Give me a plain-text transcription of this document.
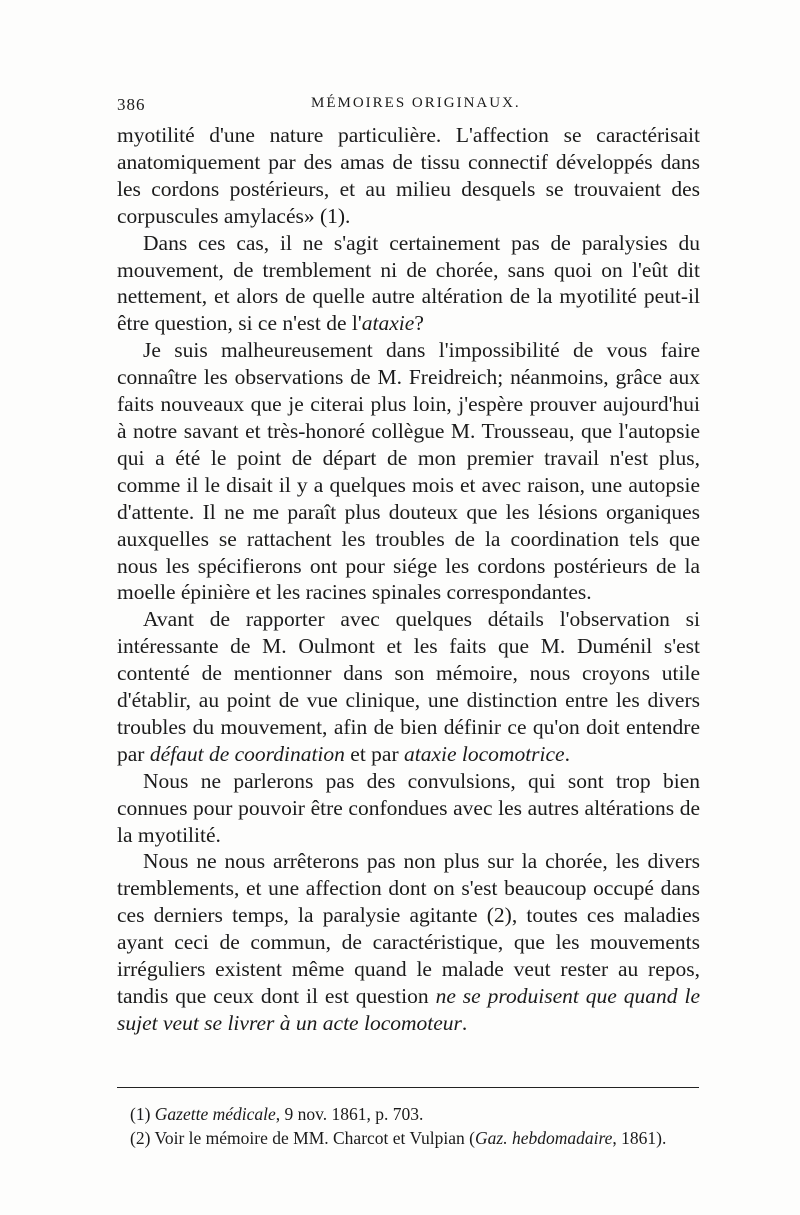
386	MÉMOIRES ORIGINAUX.

myotilité d'une nature particulière. L'affection se caractérisait anatomiquement par des amas de tissu connectif développés dans les cordons postérieurs, et au milieu desquels se trouvaient des corpuscules amylacés» (1).

Dans ces cas, il ne s'agit certainement pas de paralysies du mouvement, de tremblement ni de chorée, sans quoi on l'eût dit nettement, et alors de quelle autre altération de la myotilité peut-il être question, si ce n'est de l'ataxie?

Je suis malheureusement dans l'impossibilité de vous faire connaître les observations de M. Freidreich; néanmoins, grâce aux faits nouveaux que je citerai plus loin, j'espère prouver aujourd'hui à notre savant et très-honoré collègue M. Trousseau, que l'autopsie qui a été le point de départ de mon premier travail n'est plus, comme il le disait il y a quelques mois et avec raison, une autopsie d'attente. Il ne me paraît plus douteux que les lésions organiques auxquelles se rattachent les troubles de la coordination tels que nous les spécifierons ont pour siége les cordons postérieurs de la moelle épinière et les racines spinales correspondantes.

Avant de rapporter avec quelques détails l'observation si intéressante de M. Oulmont et les faits que M. Duménil s'est contenté de mentionner dans son mémoire, nous croyons utile d'établir, au point de vue clinique, une distinction entre les divers troubles du mouvement, afin de bien définir ce qu'on doit entendre par défaut de coordination et par ataxie locomotrice.

Nous ne parlerons pas des convulsions, qui sont trop bien connues pour pouvoir être confondues avec les autres altérations de la myotilité.

Nous ne nous arrêterons pas non plus sur la chorée, les divers tremblements, et une affection dont on s'est beaucoup occupé dans ces derniers temps, la paralysie agitante (2), toutes ces maladies ayant ceci de commun, de caractéristique, que les mouvements irréguliers existent même quand le malade veut rester au repos, tandis que ceux dont il est question ne se produisent que quand le sujet veut se livrer à un acte locomoteur.

(1) Gazette médicale, 9 nov. 1861, p. 703.

(2) Voir le mémoire de MM. Charcot et Vulpian (Gaz. hebdomadaire, 1861).
